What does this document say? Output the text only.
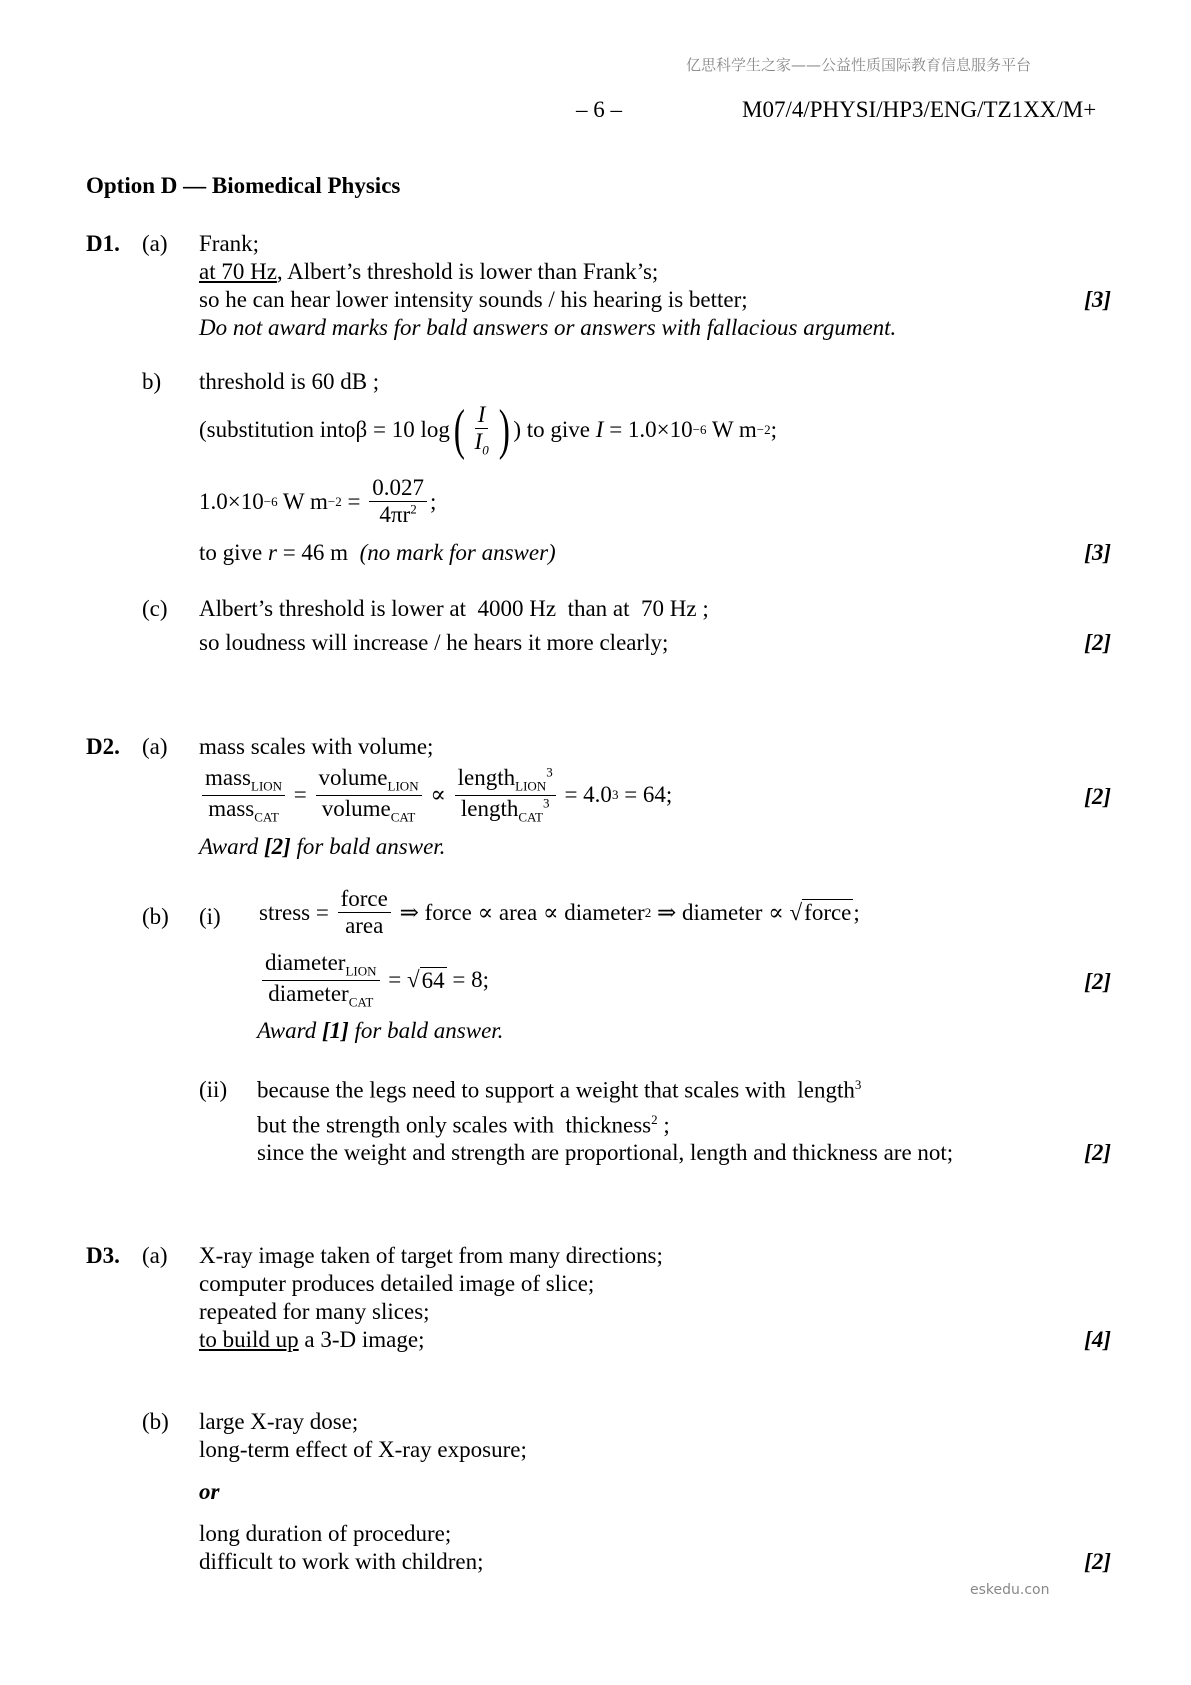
亿思科学生之家——公益性质国际教育信息服务平台
– 6 –	M07/4/PHYSI/HP3/ENG/TZ1XX/M+
Option D — Biomedical Physics
D1. (a) Frank;
at 70 Hz, Albert’s threshold is lower than Frank’s;
so he can hear lower intensity sounds / his hearing is better;	[3]
Do not award marks for bald answers or answers with fallacious argument.
b) threshold is 60 dB ;
(substitution into β = 10 log ( $\frac{I}{I_0}$ ) ) to give I = 1.0×10 −6 W m −2 ;
1.0×10 −6 W $m -2 = \frac{0.027}{4\pi r^2}$ ;
to give r = 46 m  (no mark for answer)	[3]
(c) Albert’s threshold is lower at  4000 Hz  than at  70 Hz ;
so loudness will increase / he hears it more clearly;	[2]
D2. (a) mass scales with volume;
$\frac{mass_{LION}}{mass_{CAT}} = \frac{volume_{LION}}{volume_{CAT}} \propto \frac{length_{LION}^3}{length_{CAT}^3} = 4.0$ 3 = 64;	[2]
Award [2] for bald answer.
(b) (i) stress = $\frac{\text{force}}{\text{area}}$ ⇒ force ∝ area ∝ diameter 2 ⇒ diameter ∝ √ force ;
$\frac{diameter_{LION}}{diameter_{CAT}}$ = √ 64 = 8;	[2]
Award [1] for bald answer.
(ii) because the legs need to support a weight that scales with  length$^3$
but the strength only scales with  thickness$^2$ ;
since the weight and strength are proportional, length and thickness are not;	[2]
D3. (a) X-ray image taken of target from many directions;
computer produces detailed image of slice;
repeated for many slices;
to build up a 3-D image;	[4]
(b) large X-ray dose;
long-term effect of X-ray exposure;
or
long duration of procedure;
difficult to work with children;	[2]
eskedu.con
